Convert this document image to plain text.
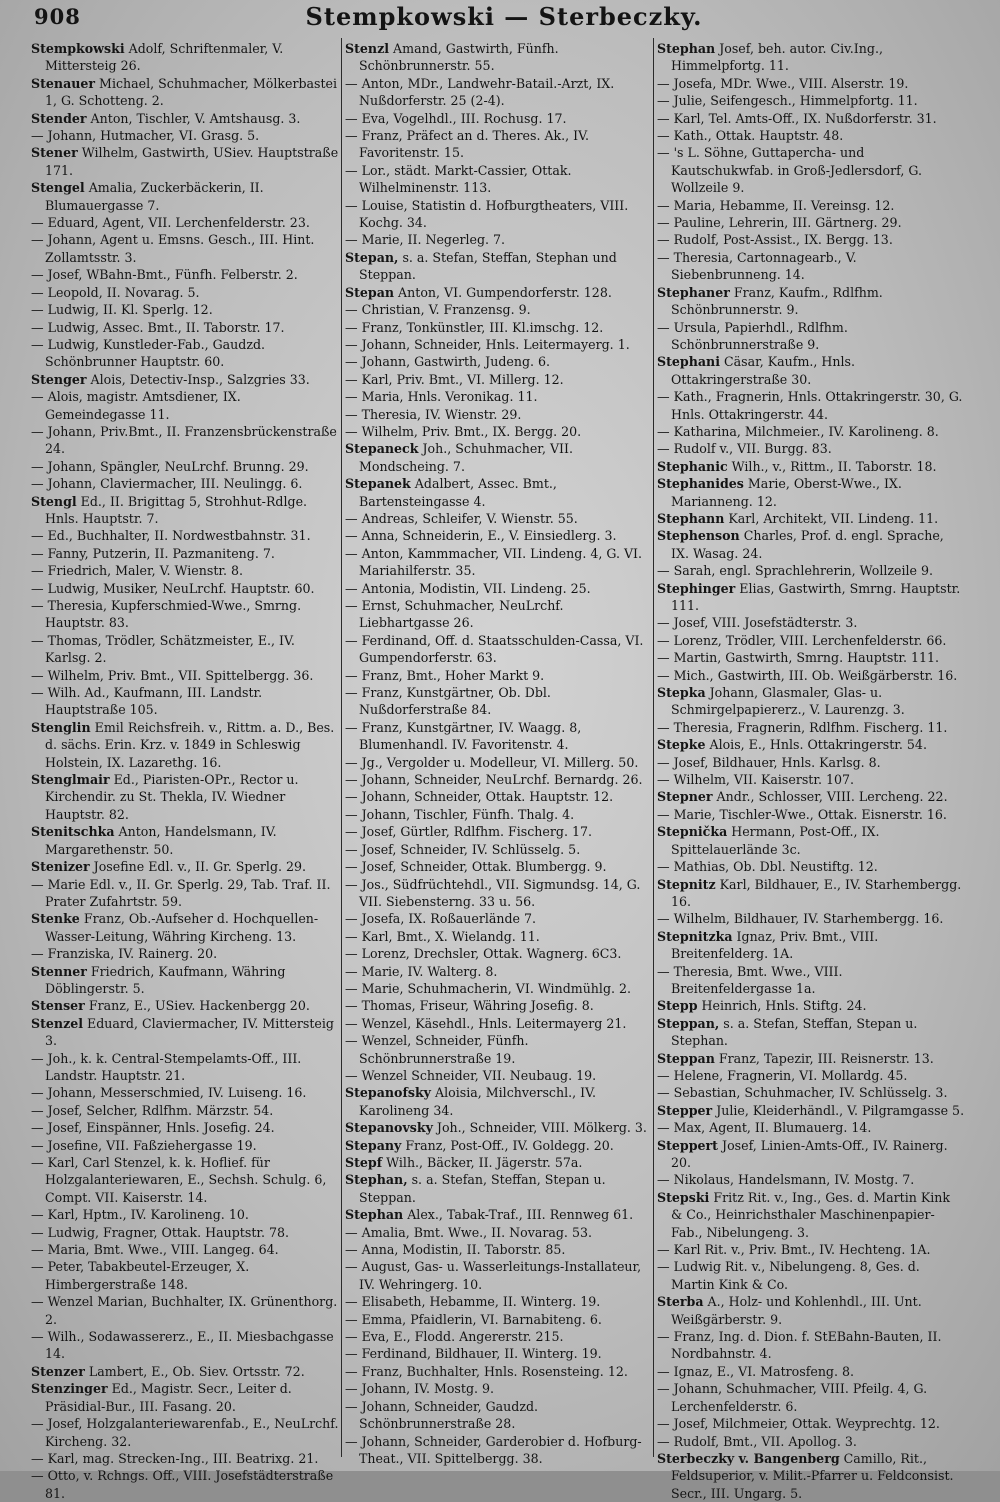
908	Stempkowski — Sterbeczky.

Stempkowski Adolf, Schriftenmaler, V. Mittersteig 26.

Stenauer Michael, Schuhmacher, Mölkerbastei 1, G. Schotteng. 2.

Stender Anton, Tischler, V. Amtshausg. 3.

— Johann, Hutmacher, VI. Grasg. 5.

Stener Wilhelm, Gastwirth, USiev. Hauptstraße 171.

Stengel Amalia, Zuckerbäckerin, II. Blumauergasse 7.

— Eduard, Agent, VII. Lerchenfelderstr. 23.

— Johann, Agent u. Emsns. Gesch., III. Hint. Zollamtsstr. 3.

— Josef, WBahn-Bmt., Fünfh. Felberstr. 2.

— Leopold, II. Novarag. 5.

— Ludwig, II. Kl. Sperlg. 12.

— Ludwig, Assec. Bmt., II. Taborstr. 17.

— Ludwig, Kunstleder-Fab., Gaudzd. Schönbrunner Hauptstr. 60.

Stenger Alois, Detectiv-Insp., Salzgries 33.

— Alois, magistr. Amtsdiener, IX. Gemeindegasse 11.

— Johann, Priv.Bmt., II. Franzensbrückenstraße 24.

— Johann, Spängler, NeuLrchf. Brunng. 29.

— Johann, Claviermacher, III. Neulingg. 6.

Stengl Ed., II. Brigittag 5, Strohhut-Rdlge. Hnls. Hauptstr. 7.

— Ed., Buchhalter, II. Nordwestbahnstr. 31.

— Fanny, Putzerin, II. Pazmaniteng. 7.

— Friedrich, Maler, V. Wienstr. 8.

— Ludwig, Musiker, NeuLrchf. Hauptstr. 60.

— Theresia, Kupferschmied-Wwe., Smrng. Hauptstr. 83.

— Thomas, Trödler, Schätzmeister, E., IV. Karlsg. 2.

— Wilhelm, Priv. Bmt., VII. Spittelbergg. 36.

— Wilh. Ad., Kaufmann, III. Landstr. Hauptstraße 105.

Stenglin Emil Reichsfreih. v., Rittm. a. D., Bes. d. sächs. Erin. Krz. v. 1849 in Schleswig Holstein, IX. Lazarethg. 16.

Stenglmair Ed., Piaristen-OPr., Rector u. Kirchendir. zu St. Thekla, IV. Wiedner Hauptstr. 82.

Stenitschka Anton, Handelsmann, IV. Margarethenstr. 50.

Stenizer Josefine Edl. v., II. Gr. Sperlg. 29.

— Marie Edl. v., II. Gr. Sperlg. 29, Tab. Traf. II. Prater Zufahrtstr. 59.

Stenke Franz, Ob.-Aufseher d. Hochquellen-Wasser-Leitung, Währing Kircheng. 13.

— Franziska, IV. Rainerg. 20.

Stenner Friedrich, Kaufmann, Währing Döblingerstr. 5.

Stenser Franz, E., USiev. Hackenbergg 20.

Stenzel Eduard, Claviermacher, IV. Mittersteig 3.

— Joh., k. k. Central-Stempelamts-Off., III. Landstr. Hauptstr. 21.

— Johann, Messerschmied, IV. Luiseng. 16.

— Josef, Selcher, Rdlfhm. Märzstr. 54.

— Josef, Einspänner, Hnls. Josefig. 24.

— Josefine, VII. Faßziehergasse 19.

— Karl, Carl Stenzel, k. k. Hoflief. für Holzgalanteriewaren, E., Sechsh. Schulg. 6, Compt. VII. Kaiserstr. 14.

— Karl, Hptm., IV. Karolineng. 10.

— Ludwig, Fragner, Ottak. Hauptstr. 78.

— Maria, Bmt. Wwe., VIII. Langeg. 64.

— Peter, Tabakbeutel-Erzeuger, X. Himbergerstraße 148.

— Wenzel Marian, Buchhalter, IX. Grünenthorg. 2.

— Wilh., Sodawassererz., E., II. Miesbachgasse 14.

Stenzer Lambert, E., Ob. Siev. Ortsstr. 72.

Stenzinger Ed., Magistr. Secr., Leiter d. Präsidial-Bur., III. Fasang. 20.

— Josef, Holzgalanteriewarenfab., E., NeuLrchf. Kircheng. 32.

— Karl, mag. Strecken-Ing., III. Beatrixg. 21.

— Otto, v. Rchngs. Off., VIII. Josefstädterstraße 81.

Stenzl Amand, Gastwirth, Fünfh. Schönbrunnerstr. 55.

— Anton, MDr., Landwehr-Batail.-Arzt, IX. Nußdorferstr. 25 (2-4).

— Eva, Vogelhdl., III. Rochusg. 17.

— Franz, Präfect an d. Theres. Ak., IV. Favoritenstr. 15.

— Lor., städt. Markt-Cassier, Ottak. Wilhelminenstr. 113.

— Louise, Statistin d. Hofburgtheaters, VIII. Kochg. 34.

— Marie, II. Negerleg. 7.

Stepan, s. a. Stefan, Steffan, Stephan und Steppan.

Stepan Anton, VI. Gumpendorferstr. 128.

— Christian, V. Franzensg. 9.

— Franz, Tonkünstler, III. Kl.imschg. 12.

— Johann, Schneider, Hnls. Leitermayerg. 1.

— Johann, Gastwirth, Judeng. 6.

— Karl, Priv. Bmt., VI. Millerg. 12.

— Maria, Hnls. Veronikag. 11.

— Theresia, IV. Wienstr. 29.

— Wilhelm, Priv. Bmt., IX. Bergg. 20.

Stepaneck Joh., Schuhmacher, VII. Mondscheing. 7.

Stepanek Adalbert, Assec. Bmt., Bartensteingasse 4.

— Andreas, Schleifer, V. Wienstr. 55.

— Anna, Schneiderin, E., V. Einsiedlerg. 3.

— Anton, Kammmacher, VII. Lindeng. 4, G. VI. Mariahilferstr. 35.

— Antonia, Modistin, VII. Lindeng. 25.

— Ernst, Schuhmacher, NeuLrchf. Liebhartgasse 26.

— Ferdinand, Off. d. Staatsschulden-Cassa, VI. Gumpendorferstr. 63.

— Franz, Bmt., Hoher Markt 9.

— Franz, Kunstgärtner, Ob. Dbl. Nußdorferstraße 84.

— Franz, Kunstgärtner, IV. Waagg. 8, Blumenhandl. IV. Favoritenstr. 4.

— Jg., Vergolder u. Modelleur, VI. Millerg. 50.

— Johann, Schneider, NeuLrchf. Bernardg. 26.

— Johann, Schneider, Ottak. Hauptstr. 12.

— Johann, Tischler, Fünfh. Thalg. 4.

— Josef, Gürtler, Rdlfhm. Fischerg. 17.

— Josef, Schneider, IV. Schlüsselg. 5.

— Josef, Schneider, Ottak. Blumbergg. 9.

— Jos., Südfrüchtehdl., VII. Sigmundsg. 14, G. VII. Siebensterng. 33 u. 56.

— Josefa, IX. Roßauerlände 7.

— Karl, Bmt., X. Wielandg. 11.

— Lorenz, Drechsler, Ottak. Wagnerg. 6C3.

— Marie, IV. Walterg. 8.

— Marie, Schuhmacherin, VI. Windmühlg. 2.

— Thomas, Friseur, Währing Josefig. 8.

— Wenzel, Käsehdl., Hnls. Leitermayerg 21.

— Wenzel, Schneider, Fünfh. Schönbrunnerstraße 19.

— Wenzel Schneider, VII. Neubaug. 19.

Stepanofsky Aloisia, Milchverschl., IV. Karolineng 34.

Stepanovsky Joh., Schneider, VIII. Mölkerg. 3.

Stepany Franz, Post-Off., IV. Goldegg. 20.

Stepf Wilh., Bäcker, II. Jägerstr. 57a.

Stephan, s. a. Stefan, Steffan, Stepan u. Steppan.

Stephan Alex., Tabak-Traf., III. Rennweg 61.

— Amalia, Bmt. Wwe., II. Novarag. 53.

— Anna, Modistin, II. Taborstr. 85.

— August, Gas- u. Wasserleitungs-Installateur, IV. Wehringerg. 10.

— Elisabeth, Hebamme, II. Winterg. 19.

— Emma, Pfaidlerin, VI. Barnabiteng. 6.

— Eva, E., Flodd. Angererstr. 215.

— Ferdinand, Bildhauer, II. Winterg. 19.

— Franz, Buchhalter, Hnls. Rosensteing. 12.

— Johann, IV. Mostg. 9.

— Johann, Schneider, Gaudzd. Schönbrunnerstraße 28.

— Johann, Schneider, Garderobier d. Hofburg-Theat., VII. Spittelbergg. 38.

Stephan Josef, beh. autor. Civ.Ing., Himmelpfortg. 11.

— Josefa, MDr. Wwe., VIII. Alserstr. 19.

— Julie, Seifengesch., Himmelpfortg. 11.

— Karl, Tel. Amts-Off., IX. Nußdorferstr. 31.

— Kath., Ottak. Hauptstr. 48.

— 's L. Söhne, Guttapercha- und Kautschukwfab. in Groß-Jedlersdorf, G. Wollzeile 9.

— Maria, Hebamme, II. Vereinsg. 12.

— Pauline, Lehrerin, III. Gärtnerg. 29.

— Rudolf, Post-Assist., IX. Bergg. 13.

— Theresia, Cartonnagearb., V. Siebenbrunneng. 14.

Stephaner Franz, Kaufm., Rdlfhm. Schönbrunnerstr. 9.

— Ursula, Papierhdl., Rdlfhm. Schönbrunnerstraße 9.

Stephani Cäsar, Kaufm., Hnls. Ottakringerstraße 30.

— Kath., Fragnerin, Hnls. Ottakringerstr. 30, G. Hnls. Ottakringerstr. 44.

— Katharina, Milchmeier., IV. Karolineng. 8.

— Rudolf v., VII. Burgg. 83.

Stephanic Wilh., v., Rittm., II. Taborstr. 18.

Stephanides Marie, Oberst-Wwe., IX. Marianneng. 12.

Stephann Karl, Architekt, VII. Lindeng. 11.

Stephenson Charles, Prof. d. engl. Sprache, IX. Wasag. 24.

— Sarah, engl. Sprachlehrerin, Wollzeile 9.

Stephinger Elias, Gastwirth, Smrng. Hauptstr. 111.

— Josef, VIII. Josefstädterstr. 3.

— Lorenz, Trödler, VIII. Lerchenfelderstr. 66.

— Martin, Gastwirth, Smrng. Hauptstr. 111.

— Mich., Gastwirth, III. Ob. Weißgärberstr. 16.

Stepka Johann, Glasmaler, Glas- u. Schmirgelpapiererz., V. Laurenzg. 3.

— Theresia, Fragnerin, Rdlfhm. Fischerg. 11.

Stepke Alois, E., Hnls. Ottakringerstr. 54.

— Josef, Bildhauer, Hnls. Karlsg. 8.

— Wilhelm, VII. Kaiserstr. 107.

Stepner Andr., Schlosser, VIII. Lercheng. 22.

— Marie, Tischler-Wwe., Ottak. Eisnerstr. 16.

Stepnička Hermann, Post-Off., IX. Spittelauerlände 3c.

— Mathias, Ob. Dbl. Neustiftg. 12.

Stepnitz Karl, Bildhauer, E., IV. Starhembergg. 16.

— Wilhelm, Bildhauer, IV. Starhembergg. 16.

Stepnitzka Ignaz, Priv. Bmt., VIII. Breitenfelderg. 1A.

— Theresia, Bmt. Wwe., VIII. Breitenfeldergasse 1a.

Stepp Heinrich, Hnls. Stiftg. 24.

Steppan, s. a. Stefan, Steffan, Stepan u. Stephan.

Steppan Franz, Tapezir, III. Reisnerstr. 13.

— Helene, Fragnerin, VI. Mollardg. 45.

— Sebastian, Schuhmacher, IV. Schlüsselg. 3.

Stepper Julie, Kleiderhändl., V. Pilgramgasse 5.

— Max, Agent, II. Blumauerg. 14.

Steppert Josef, Linien-Amts-Off., IV. Rainerg. 20.

— Nikolaus, Handelsmann, IV. Mostg. 7.

Stepski Fritz Rit. v., Ing., Ges. d. Martin Kink & Co., Heinrichsthaler Maschinenpapier-Fab., Nibelungeng. 3.

— Karl Rit. v., Priv. Bmt., IV. Hechteng. 1A.

— Ludwig Rit. v., Nibelungeng. 8, Ges. d. Martin Kink & Co.

Sterba A., Holz- und Kohlenhdl., III. Unt. Weißgärberstr. 9.

— Franz, Ing. d. Dion. f. StEBahn-Bauten, II. Nordbahnstr. 4.

— Ignaz, E., VI. Matrosfeng. 8.

— Johann, Schuhmacher, VIII. Pfeilg. 4, G. Lerchenfelderstr. 6.

— Josef, Milchmeier, Ottak. Weyprechtg. 12.

— Rudolf, Bmt., VII. Apollog. 3.

Sterbeczky v. Bangenberg Camillo, Rit., Feldsuperior, v. Milit.-Pfarrer u. Feldconsist. Secr., III. Ungarg. 5.
